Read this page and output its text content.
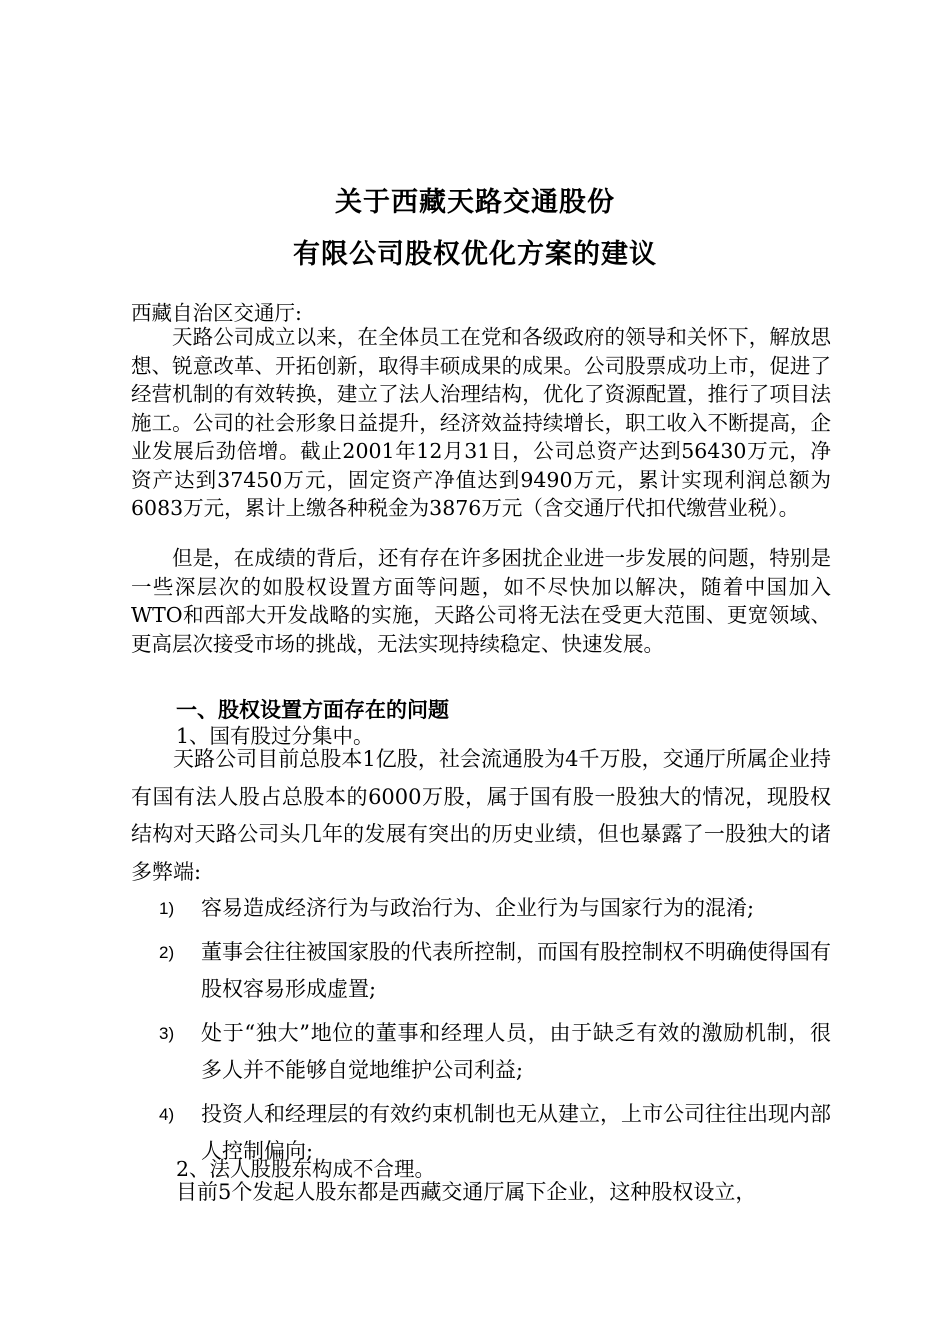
关于西藏天路交通股份
有限公司股权优化方案的建议

西藏自治区交通厅:

天路公司成立以来，在全体员工在党和各级政府的领导和关怀下，解放思想、锐意改革、开拓创新，取得丰硕成果的成果。公司股票成功上市，促进了经营机制的有效转换，建立了法人治理结构，优化了资源配置，推行了项目法施工。公司的社会形象日益提升，经济效益持续增长，职工收入不断提高，企业发展后劲倍增。截止2001年12月31日，公司总资产达到56430万元，净资产达到37450万元，固定资产净值达到9490万元，累计实现利润总额为6083万元，累计上缴各种税金为3876万元（含交通厅代扣代缴营业税）。

但是，在成绩的背后，还有存在许多困扰企业进一步发展的问题，特别是一些深层次的如股权设置方面等问题，如不尽快加以解决，随着中国加入WTO和西部大开发战略的实施，天路公司将无法在受更大范围、更宽领域、更高层次接受市场的挑战，无法实现持续稳定、快速发展。

一、股权设置方面存在的问题

1、国有股过分集中。

天路公司目前总股本1亿股，社会流通股为4千万股，交通厅所属企业持有国有法人股占总股本的6000万股，属于国有股一股独大的情况，现股权结构对天路公司头几年的发展有突出的历史业绩，但也暴露了一股独大的诸多弊端:

1) 容易造成经济行为与政治行为、企业行为与国家行为的混淆;
2) 董事会往往被国家股的代表所控制，而国有股控制权不明确使得国有股权容易形成虚置;
3) 处于“独大”地位的董事和经理人员，由于缺乏有效的激励机制，很多人并不能够自觉地维护公司利益;
4) 投资人和经理层的有效约束机制也无从建立，上市公司往往出现内部人控制偏向;

2、法人股股东构成不合理。

目前5个发起人股东都是西藏交通厅属下企业，这种股权设立，
